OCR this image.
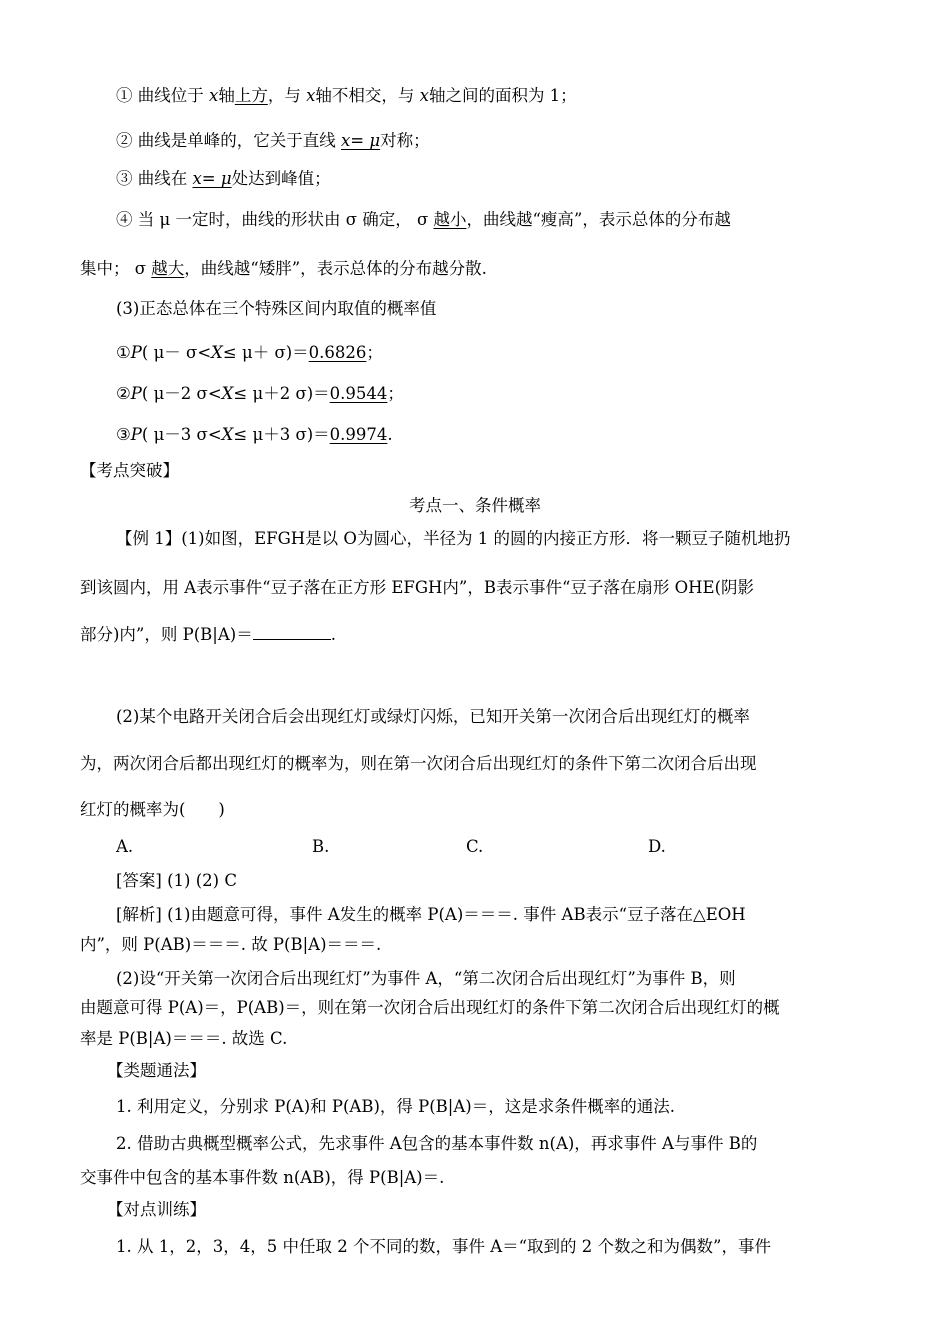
① 曲线位于 x轴上方，与 x轴不相交，与 x轴之间的面积为 1；
② 曲线是单峰的，它关于直线 x= μ对称；
③ 曲线在 x= μ处达到峰值；
④ 当 μ 一定时，曲线的形状由 σ 确定， σ 越小，曲线越“瘦高”，表示总体的分布越
集中； σ 越大，曲线越“矮胖”，表示总体的分布越分散.
(3)正态总体在三个特殊区间内取值的概率值
①P( μ－ σ<X≤ μ＋ σ)＝0.6826；
②P( μ－2 σ<X≤ μ＋2 σ)＝0.9544；
③P( μ－3 σ<X≤ μ＋3 σ)＝0.9974.
【考点突破】
考点一、条件概率
【例 1】(1)如图，EFGH是以 O为圆心，半径为 1 的圆的内接正方形．将一颗豆子随机地扔
到该圆内，用 A表示事件“豆子落在正方形 EFGH内”，B表示事件“豆子落在扇形 OHE(阴影
部分)内”，则 P(B|A)＝	.
(2)某个电路开关闭合后会出现红灯或绿灯闪烁，已知开关第一次闭合后出现红灯的概率
为，两次闭合后都出现红灯的概率为，则在第一次闭合后出现红灯的条件下第二次闭合后出现
红灯的概率为(　　)
A.	B.	C.	D.
[答案] (1) (2) C
[解析] (1)由题意可得，事件 A发生的概率 P(A)＝＝＝. 事件 AB表示“豆子落在△EOH
内”，则 P(AB)＝＝＝. 故 P(B|A)＝＝＝.
(2)设“开关第一次闭合后出现红灯”为事件 A，“第二次闭合后出现红灯”为事件 B，则
由题意可得 P(A)＝，P(AB)＝，则在第一次闭合后出现红灯的条件下第二次闭合后出现红灯的概
率是 P(B|A)＝＝＝. 故选 C.
【类题通法】
1. 利用定义，分别求 P(A)和 P(AB)，得 P(B|A)＝，这是求条件概率的通法.
2. 借助古典概型概率公式，先求事件 A包含的基本事件数 n(A)，再求事件 A与事件 B的
交事件中包含的基本事件数 n(AB)，得 P(B|A)＝.
【对点训练】
1. 从 1，2，3，4，5 中任取 2 个不同的数，事件 A＝“取到的 2 个数之和为偶数”，事件
